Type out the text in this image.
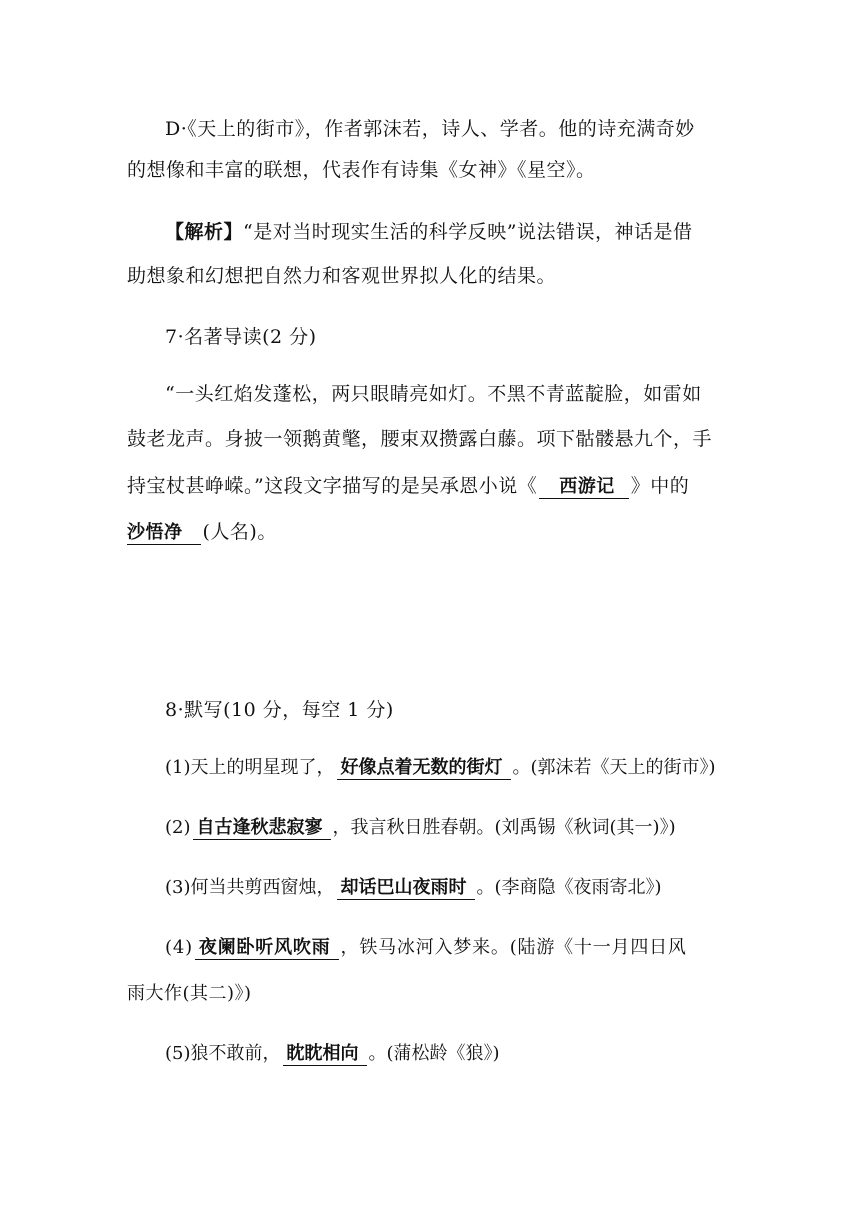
D·《天上的街市》，作者郭沫若，诗人、学者。他的诗充满奇妙
的想像和丰富的联想，代表作有诗集《女神》《星空》。
【解析】“是对当时现实生活的科学反映”说法错误，神话是借
助想象和幻想把自然力和客观世界拟人化的结果。
7·名著导读(2 分)
“一头红焰发蓬松，两只眼睛亮如灯。不黑不青蓝靛脸，如雷如
鼓老龙声。身披一领鹅黄氅，腰束双攒露白藤。项下骷髅悬九个，手
持宝杖甚峥嵘。”这段文字描写的是吴承恩小说《 西游记 》中的
沙悟净 (人名)。
8·默写(10 分，每空 1 分)
(1)天上的明星现了， 好像点着无数的街灯 。(郭沫若《天上的街市》)
(2) 自古逢秋悲寂寥 ，我言秋日胜春朝。(刘禹锡《秋词(其一)》)
(3)何当共剪西窗烛， 却话巴山夜雨时 。(李商隐《夜雨寄北》)
(4) 夜阑卧听风吹雨 ，铁马冰河入梦来。(陆游《十一月四日风
雨大作(其二)》)
(5)狼不敢前， 眈眈相向 。(蒲松龄《狼》)
